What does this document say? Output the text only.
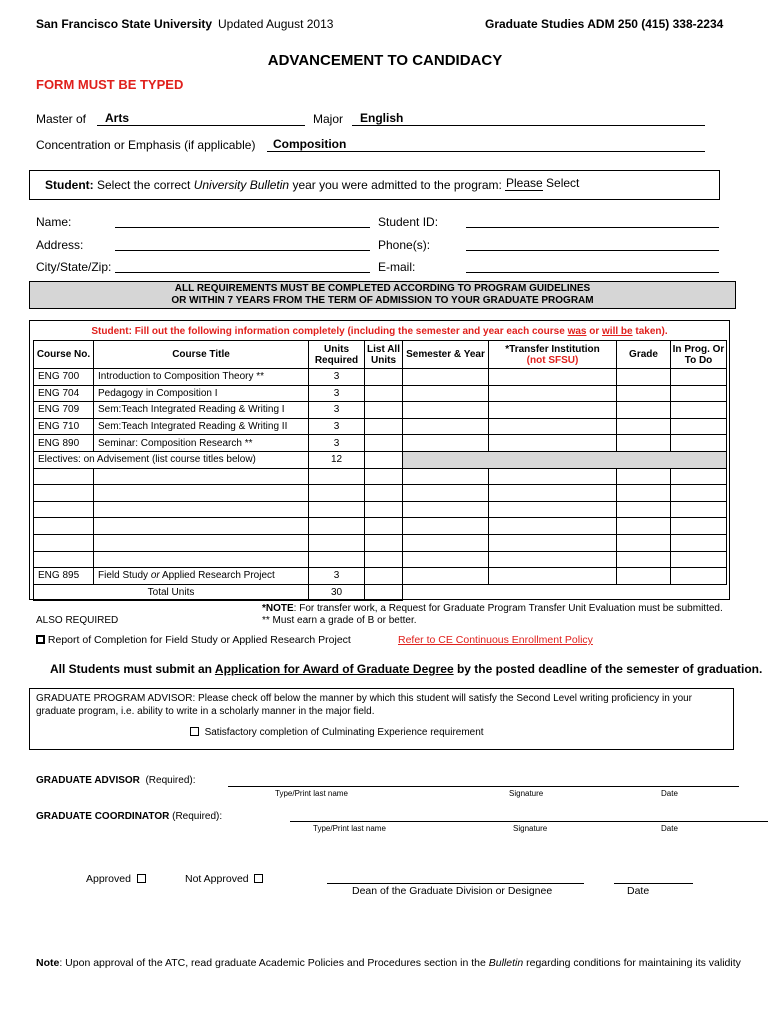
San Francisco State University Updated August 2013	Graduate Studies ADM 250 (415) 338-2234
ADVANCEMENT TO CANDIDACY
FORM MUST BE TYPED
Master of Arts	Major English
Concentration or Emphasis (if applicable) Composition
Student: Select the correct University Bulletin year you were admitted to the program: Please Select
Name:	Student ID:
Address:	Phone(s):
City/State/Zip:	E-mail:
ALL REQUIREMENTS MUST BE COMPLETED ACCORDING TO PROGRAM GUIDELINES
OR WITHIN 7 YEARS FROM THE TERM OF ADMISSION TO YOUR GRADUATE PROGRAM
Student: Fill out the following information completely (including the semester and year each course was or will be taken).
Course No.	Course Title	Units Required	List All Units	Semester & Year	*Transfer Institution
(not SFSU)	Grade	In Prog. Or To Do
ENG 700	Introduction to Composition Theory **	3					
ENG 704	Pedagogy in Composition I	3					
ENG 709	Sem:Teach Integrated Reading & Writing I	3					
ENG 710	Sem:Teach Integrated Reading & Writing II	3					
ENG 890	Seminar: Composition Research **	3					
Electives: on Advisement (list course titles below)		12					

ENG 895	Field Study or Applied Research Project	3					
Total Units		30					
*NOTE: For transfer work, a Request for Graduate Program Transfer Unit Evaluation must be submitted.
** Must earn a grade of B or better.
ALSO REQUIRED
Report of Completion for Field Study or Applied Research Project	Refer to CE Continuous Enrollment Policy
All Students must submit an Application for Award of Graduate Degree by the posted deadline of the semester of graduation.
GRADUATE PROGRAM ADVISOR: Please check off below the manner by which this student will satisfy the Second Level writing proficiency in your
graduate program, i.e. ability to write in a scholarly manner in the major field.
Satisfactory completion of Culminating Experience requirement
GRADUATE ADVISOR (Required):
Type/Print last name	Signature	Date
GRADUATE COORDINATOR (Required):
Type/Print last name	Signature	Date
Approved	Not Approved
Dean of the Graduate Division or Designee	Date
Note: Upon approval of the ATC, read graduate Academic Policies and Procedures section in the Bulletin regarding conditions for maintaining its validity
